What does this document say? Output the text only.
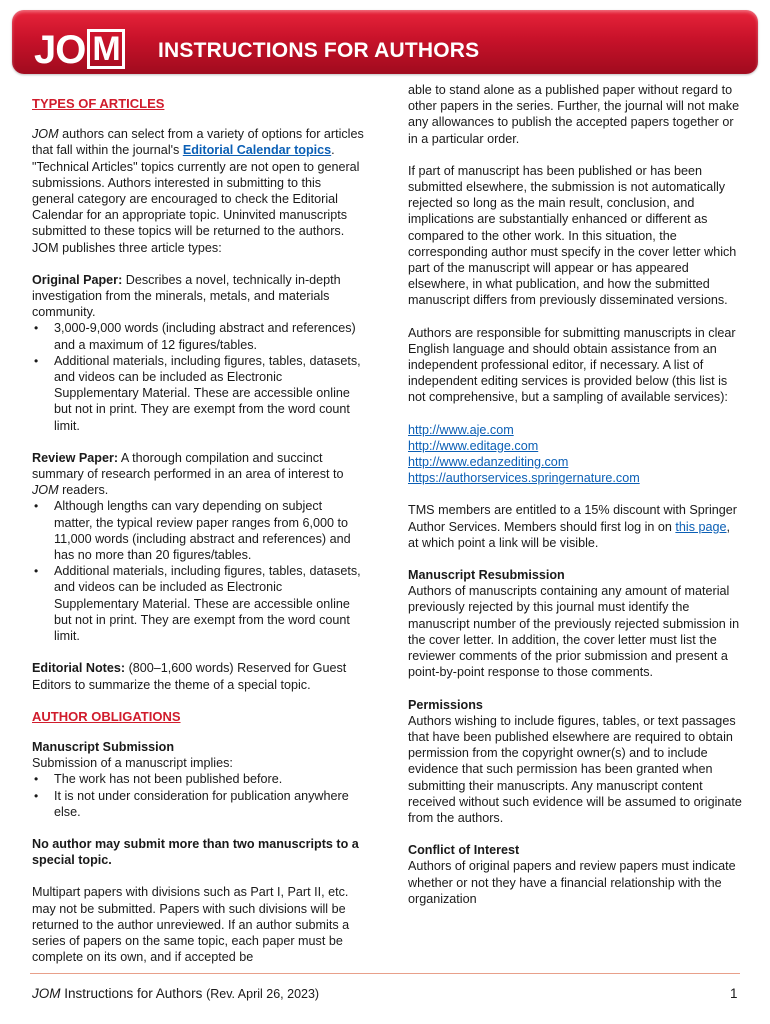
JO M	INSTRUCTIONS FOR AUTHORS
TYPES OF ARTICLES

JOM authors can select from a variety of options for articles that fall within the journal's Editorial Calendar topics. "Technical Articles" topics currently are not open to general submissions. Authors interested in submitting to this general category are encouraged to check the Editorial Calendar for an appropriate topic. Uninvited manuscripts submitted to these topics will be returned to the authors. JOM publishes three article types:

Original Paper: Describes a novel, technically in-depth investigation from the minerals, metals, and materials community.
• 3,000-9,000 words (including abstract and references) and a maximum of 12 figures/tables.
• Additional materials, including figures, tables, datasets, and videos can be included as Electronic Supplementary Material. These are accessible online but not in print. They are exempt from the word count limit.
Review Paper: A thorough compilation and succinct summary of research performed in an area of interest to JOM readers.
• Although lengths can vary depending on subject matter, the typical review paper ranges from 6,000 to 11,000 words (including abstract and references) and has no more than 20 figures/tables.
• Additional materials, including figures, tables, datasets, and videos can be included as Electronic Supplementary Material. These are accessible online but not in print. They are exempt from the word count limit.

Editorial Notes: (800–1,600 words) Reserved for Guest Editors to summarize the theme of a special topic.

AUTHOR OBLIGATIONS
Manuscript Submission
Submission of a manuscript implies:
• The work has not been published before.
• It is not under consideration for publication anywhere else.

No author may submit more than two manuscripts to a special topic.

Multipart papers with divisions such as Part I, Part II, etc. may not be submitted. Papers with such divisions will be returned to the author unreviewed. If an author submits a series of papers on the same topic, each paper must be complete on its own, and if accepted be

able to stand alone as a published paper without regard to other papers in the series. Further, the journal will not make any allowances to publish the accepted papers together or in a particular order.

If part of manuscript has been published or has been submitted elsewhere, the submission is not automatically rejected so long as the main result, conclusion, and implications are substantially enhanced or different as compared to the other work. In this situation, the corresponding author must specify in the cover letter which part of the manuscript will appear or has appeared elsewhere, in what publication, and how the submitted manuscript differs from previously disseminated versions.

Authors are responsible for submitting manuscripts in clear English language and should obtain assistance from an independent professional editor, if necessary. A list of independent editing services is provided below (this list is not comprehensive, but a sampling of available services):

http://www.aje.com

http://www.editage.com

http://www.edanzediting.com

https://authorservices.springernature.com

TMS members are entitled to a 15% discount with Springer Author Services. Members should first log in on this page, at which point a link will be visible.

Manuscript Resubmission

Authors of manuscripts containing any amount of material previously rejected by this journal must identify the manuscript number of the previously rejected submission in the cover letter. In addition, the cover letter must list the reviewer comments of the prior submission and present a point-by-point response to those comments.

Permissions

Authors wishing to include figures, tables, or text passages that have been published elsewhere are required to obtain permission from the copyright owner(s) and to include evidence that such permission has been granted when submitting their manuscripts. Any manuscript content received without such evidence will be assumed to originate from the authors.

Conflict of Interest

Authors of original papers and review papers must indicate whether or not they have a financial relationship with the organization

JOM Instructions for Authors (Rev. April 26, 2023)	1
